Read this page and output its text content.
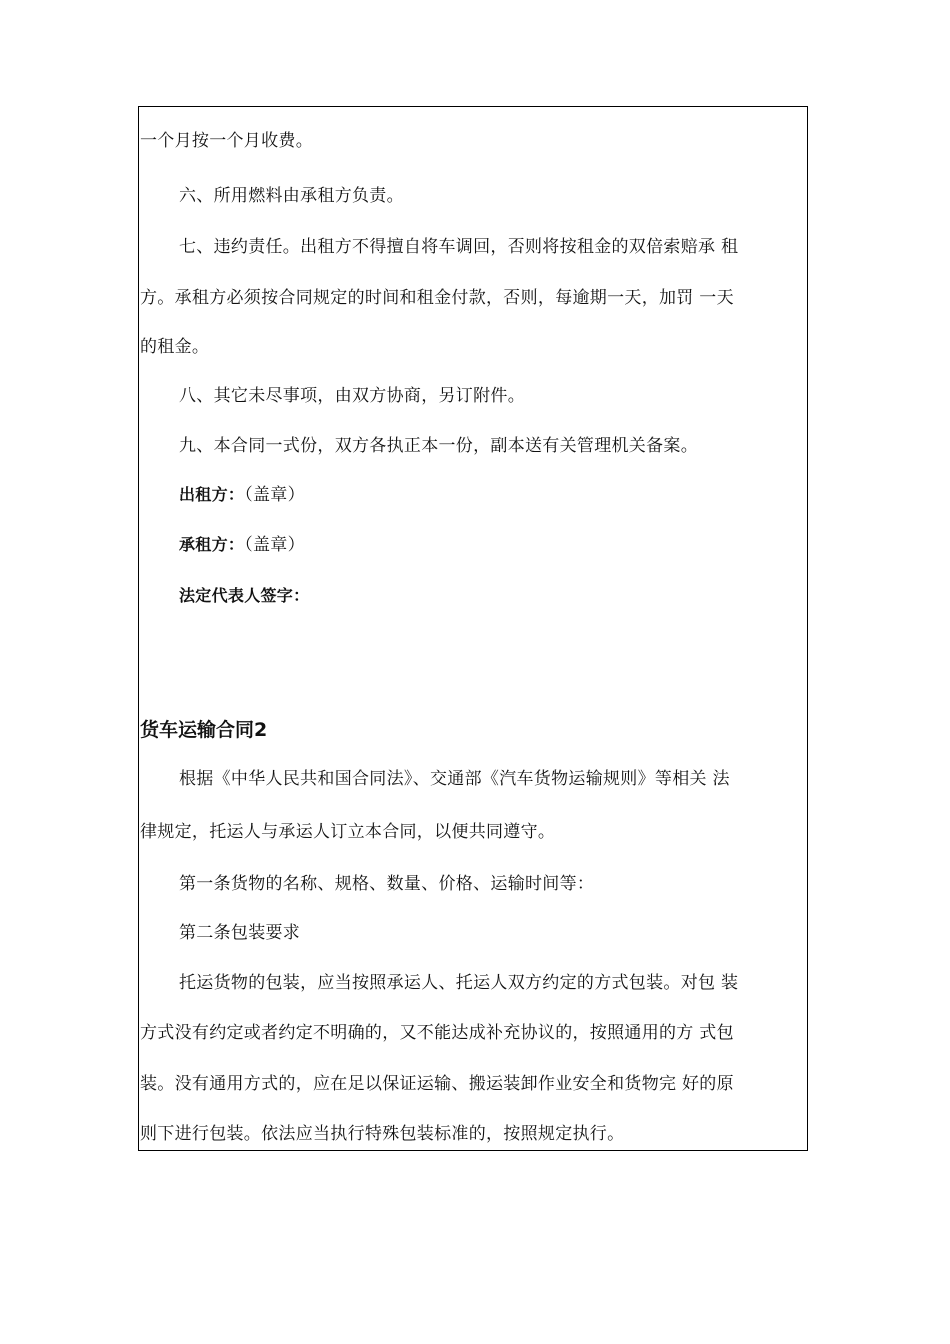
一个月按一个月收费。
六、所用燃料由承租方负责。
七、违约责任。出租方不得擅自将车调回，否则将按租金的双倍索赔承 租
方。承租方必须按合同规定的时间和租金付款，否则，每逾期一天，加罚 一天
的租金。
八、其它未尽事项，由双方协商，另订附件。
九、本合同一式份，双方各执正本一份，副本送有关管理机关备案。
出租方：（盖章）
承租方：（盖章）
法定代表人签字：
货车运输合同2
根据《中华人民共和国合同法》、交通部《汽车货物运输规则》等相关 法
律规定，托运人与承运人订立本合同，以便共同遵守。
第一条货物的名称、规格、数量、价格、运输时间等：
第二条包装要求
托运货物的包装，应当按照承运人、托运人双方约定的方式包装。对包 装
方式没有约定或者约定不明确的，又不能达成补充协议的，按照通用的方 式包
装。没有通用方式的，应在足以保证运输、搬运装卸作业安全和货物完 好的原
则下进行包装。依法应当执行特殊包装标准的，按照规定执行。
